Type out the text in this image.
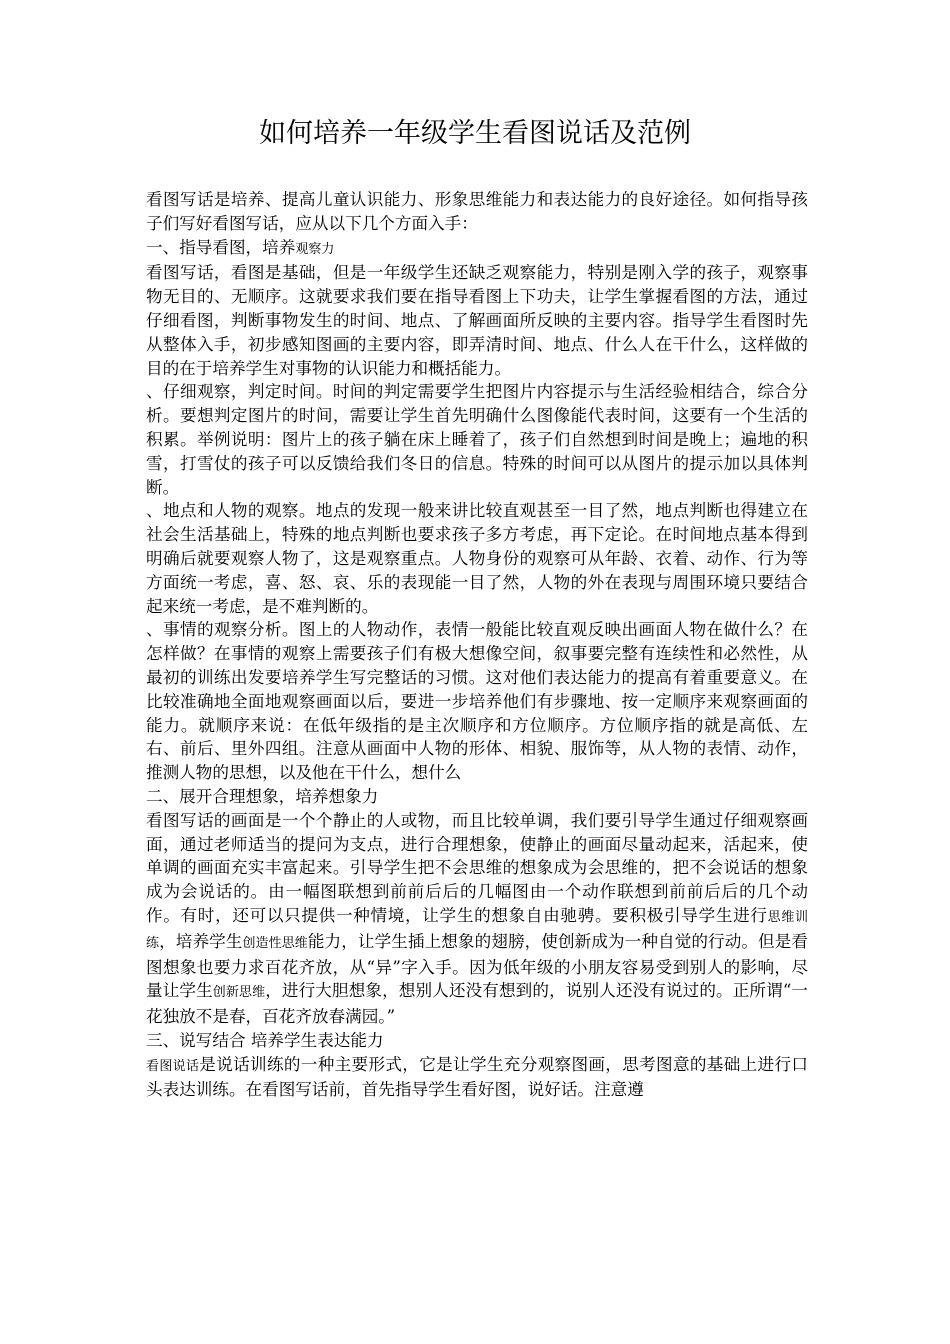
如何培养一年级学生看图说话及范例

看图写话是培养、提高儿童认识能力、形象思维能力和表达能力的良好途径。如何指导孩子们写好看图写话，应从以下几个方面入手：

一、指导看图，培养观察力

看图写话，看图是基础，但是一年级学生还缺乏观察能力，特别是刚入学的孩子，观察事物无目的、无顺序。这就要求我们要在指导看图上下功夫，让学生掌握看图的方法，通过仔细看图，判断事物发生的时间、地点、了解画面所反映的主要内容。指导学生看图时先从整体入手，初步感知图画的主要内容，即弄清时间、地点、什么人在干什么，这样做的目的在于培养学生对事物的认识能力和概括能力。

、仔细观察，判定时间。时间的判定需要学生把图片内容提示与生活经验相结合，综合分析。要想判定图片的时间，需要让学生首先明确什么图像能代表时间，这要有一个生活的积累。举例说明：图片上的孩子躺在床上睡着了，孩子们自然想到时间是晚上；遍地的积雪，打雪仗的孩子可以反馈给我们冬日的信息。特殊的时间可以从图片的提示加以具体判断。

、地点和人物的观察。地点的发现一般来讲比较直观甚至一目了然，地点判断也得建立在社会生活基础上，特殊的地点判断也要求孩子多方考虑，再下定论。在时间地点基本得到明确后就要观察人物了，这是观察重点。人物身份的观察可从年龄、衣着、动作、行为等方面统一考虑，喜、怒、哀、乐的表现能一目了然，人物的外在表现与周围环境只要结合起来统一考虑，是不难判断的。

、事情的观察分析。图上的人物动作，表情一般能比较直观反映出画面人物在做什么？在怎样做？在事情的观察上需要孩子们有极大想像空间，叙事要完整有连续性和必然性，从最初的训练出发要培养学生写完整话的习惯。这对他们表达能力的提高有着重要意义。在比较准确地全面地观察画面以后，要进一步培养他们有步骤地、按一定顺序来观察画面的能力。就顺序来说：在低年级指的是主次顺序和方位顺序。方位顺序指的就是高低、左右、前后、里外四组。注意从画面中人物的形体、相貌、服饰等，从人物的表情、动作，推测人物的思想，以及他在干什么，想什么

二、展开合理想象，培养想象力

看图写话的画面是一个个静止的人或物，而且比较单调，我们要引导学生通过仔细观察画面，通过老师适当的提问为支点，进行合理想象，使静止的画面尽量动起来，活起来，使单调的画面充实丰富起来。引导学生把不会思维的想象成为会思维的，把不会说话的想象成为会说话的。由一幅图联想到前前后后的几幅图由一个动作联想到前前后后的几个动作。有时，还可以只提供一种情境，让学生的想象自由驰骋。要积极引导学生进行思维训练，培养学生创造性思维能力，让学生插上想象的翅膀，使创新成为一种自觉的行动。但是看图想象也要力求百花齐放，从“异”字入手。因为低年级的小朋友容易受到别人的影响，尽量让学生创新思维，进行大胆想象，想别人还没有想到的，说别人还没有说过的。正所谓“一花独放不是春，百花齐放春满园。”

三、说写结合 培养学生表达能力

看图说话是说话训练的一种主要形式，它是让学生充分观察图画，思考图意的基础上进行口头表达训练。在看图写话前，首先指导学生看好图，说好话。注意遵
